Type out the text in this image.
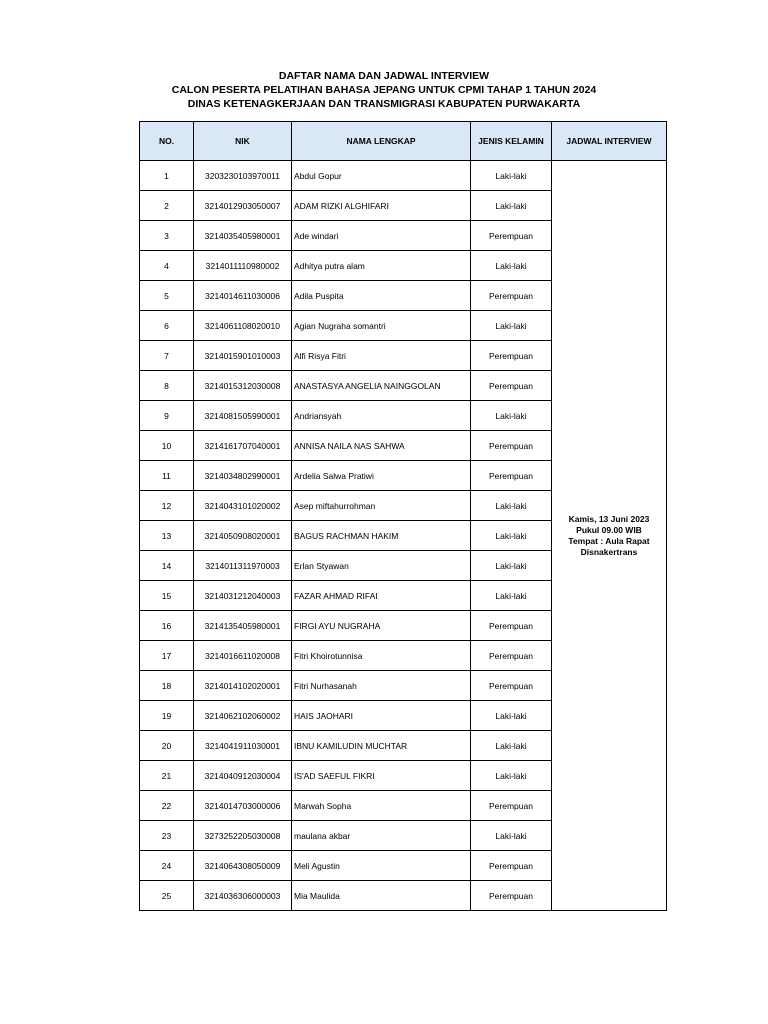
DAFTAR NAMA DAN JADWAL INTERVIEW
CALON PESERTA PELATIHAN BAHASA JEPANG UNTUK CPMI TAHAP 1 TAHUN 2024
DINAS KETENAGKERJAAN DAN TRANSMIGRASI KABUPATEN PURWAKARTA
NO.	NIK	NAMA LENGKAP	JENIS KELAMIN	JADWAL INTERVIEW
1	3203230103970011	Abdul Gopur	Laki-laki	Kamis, 13 Juni 2023
Pukul 09.00 WIB
Tempat : Aula Rapat
Disnakertrans

2	3214012903050007	ADAM RIZKI ALGHIFARI	Laki-laki	
3	3214035405980001	Ade windari	Perempuan	
4	3214011110980002	Adhitya putra alam	Laki-laki	
5	3214014611030006	Adila Puspita	Perempuan	
6	3214061108020010	Agian Nugraha somantri	Laki-laki	
7	3214015901010003	Alfi Risya Fitri	Perempuan	
8	3214015312030008	ANASTASYA ANGELIA NAINGGOLAN	Perempuan	
9	3214081505990001	Andriansyah	Laki-laki	
10	3214161707040001	ANNISA NAILA NAS SAHWA	Perempuan	
11	3214034802990001	Ardelia Salwa Pratiwi	Perempuan	
12	3214043101020002	Asep miftahurrohman	Laki-laki	
13	3214050908020001	BAGUS RACHMAN HAKIM	Laki-laki	
14	3214011311970003	Erlan Styawan	Laki-laki	
15	3214031212040003	FAZAR AHMAD RIFAI	Laki-laki	
16	3214135405980001	FIRGI AYU NUGRAHA	Perempuan	
17	3214016611020008	Fitri Khoirotunnisa	Perempuan	
18	3214014102020001	Fitri Nurhasanah	Perempuan	
19	3214062102060002	HAIS JAOHARI	Laki-laki	
20	3214041911030001	IBNU KAMILUDIN MUCHTAR	Laki-laki	
21	3214040912030004	IS'AD SAEFUL FIKRI	Laki-laki	
22	3214014703000006	Marwah Sopha	Perempuan	
23	3273252205030008	maulana akbar	Laki-laki	
24	3214064308050009	Meli Agustin	Perempuan	
25	3214036306000003	Mia Maulida	Perempuan	
